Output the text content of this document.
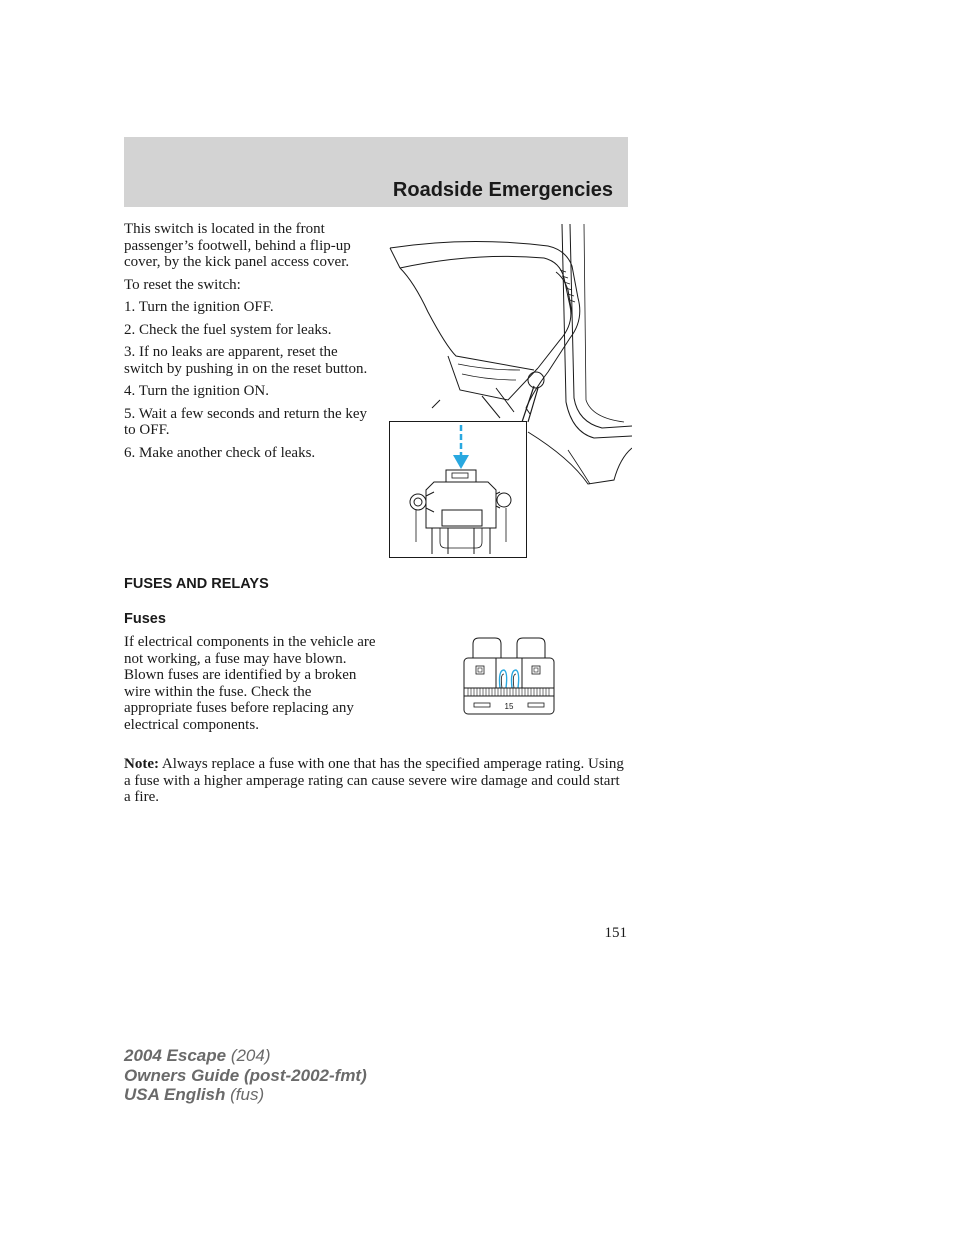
Roadside Emergencies

This switch is located in the front passenger’s footwell, behind a flip-up cover, by the kick panel access cover.

To reset the switch:

1. Turn the ignition OFF.

2. Check the fuel system for leaks.

3. If no leaks are apparent, reset the switch by pushing in on the reset button.

4. Turn the ignition ON.

5. Wait a few seconds and return the key to OFF.

6. Make another check of leaks.

FUSES AND RELAYS
Fuses

If electrical components in the vehicle are not working, a fuse may have blown. Blown fuses are identified by a broken wire within the fuse. Check the appropriate fuses before replacing any electrical components.

15

Note: Always replace a fuse with one that has the specified amperage rating. Using a fuse with a higher amperage rating can cause severe wire damage and could start a fire.

151

2004 Escape (204)
Owners Guide (post-2002-fmt)
USA English (fus)
